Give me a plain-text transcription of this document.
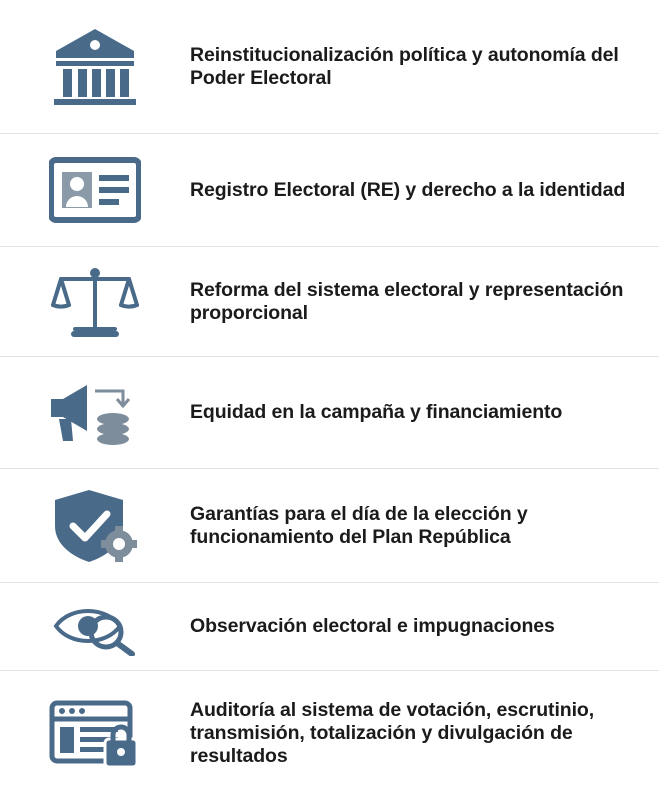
Reinstitucionalización política y autonomía del Poder Electoral
Registro Electoral (RE) y derecho a la identidad
Reforma del sistema electoral y representación proporcional
Equidad en la campaña y financiamiento
Garantías para el día de la elección y funcionamiento del Plan República
Observación electoral e impugnaciones
Auditoría al sistema de votación, escrutinio, transmisión, totalización y divulgación de resultados
